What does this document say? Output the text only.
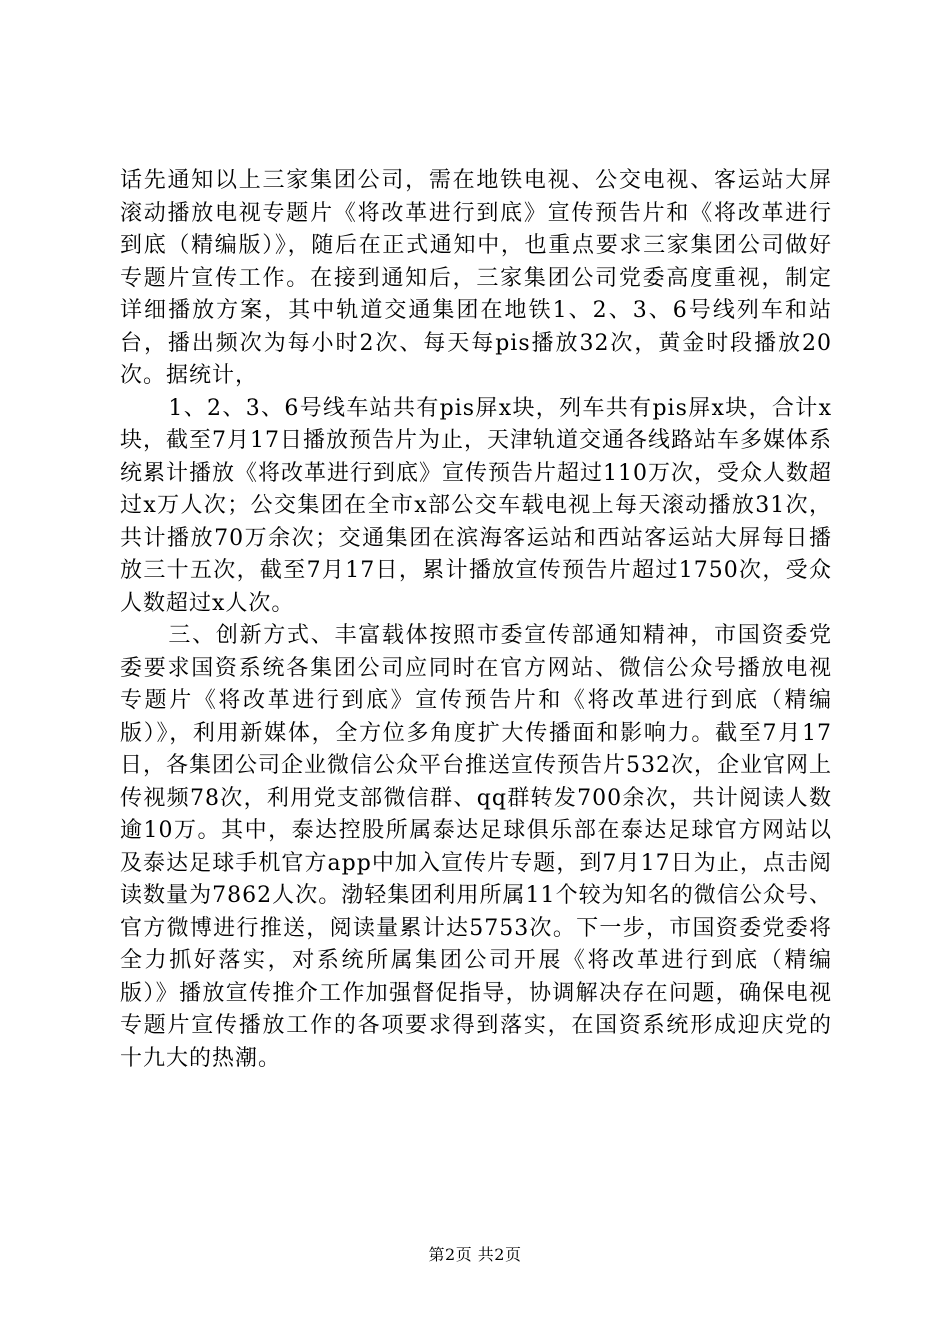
话先通知以上三家集团公司，需在地铁电视、公交电视、客运站大屏滚动播放电视专题片《将改革进行到底》宣传预告片和《将改革进行到底（精编版）》，随后在正式通知中，也重点要求三家集团公司做好专题片宣传工作。在接到通知后，三家集团公司党委高度重视，制定详细播放方案，其中轨道交通集团在地铁1、2、3、6号线列车和站台，播出频次为每小时2次、每天每pis播放32次，黄金时段播放20次。据统计，

1、2、3、6号线车站共有pis屏x块，列车共有pis屏x块，合计x块，截至7月17日播放预告片为止，天津轨道交通各线路站车多媒体系统累计播放《将改革进行到底》宣传预告片超过110万次，受众人数超过x万人次；公交集团在全市x部公交车载电视上每天滚动播放31次，共计播放70万余次；交通集团在滨海客运站和西站客运站大屏每日播放三十五次，截至7月17日，累计播放宣传预告片超过1750次，受众人数超过x人次。

三、创新方式、丰富载体按照市委宣传部通知精神，市国资委党委要求国资系统各集团公司应同时在官方网站、微信公众号播放电视专题片《将改革进行到底》宣传预告片和《将改革进行到底（精编版）》，利用新媒体，全方位多角度扩大传播面和影响力。截至7月17日，各集团公司企业微信公众平台推送宣传预告片532次，企业官网上传视频78次，利用党支部微信群、qq群转发700余次，共计阅读人数逾10万。其中，泰达控股所属泰达足球俱乐部在泰达足球官方网站以及泰达足球手机官方app中加入宣传片专题，到7月17日为止，点击阅读数量为7862人次。渤轻集团利用所属11个较为知名的微信公众号、官方微博进行推送，阅读量累计达5753次。下一步，市国资委党委将全力抓好落实，对系统所属集团公司开展《将改革进行到底（精编版）》播放宣传推介工作加强督促指导，协调解决存在问题，确保电视专题片宣传播放工作的各项要求得到落实，在国资系统形成迎庆党的十九大的热潮。

第2页 共2页
